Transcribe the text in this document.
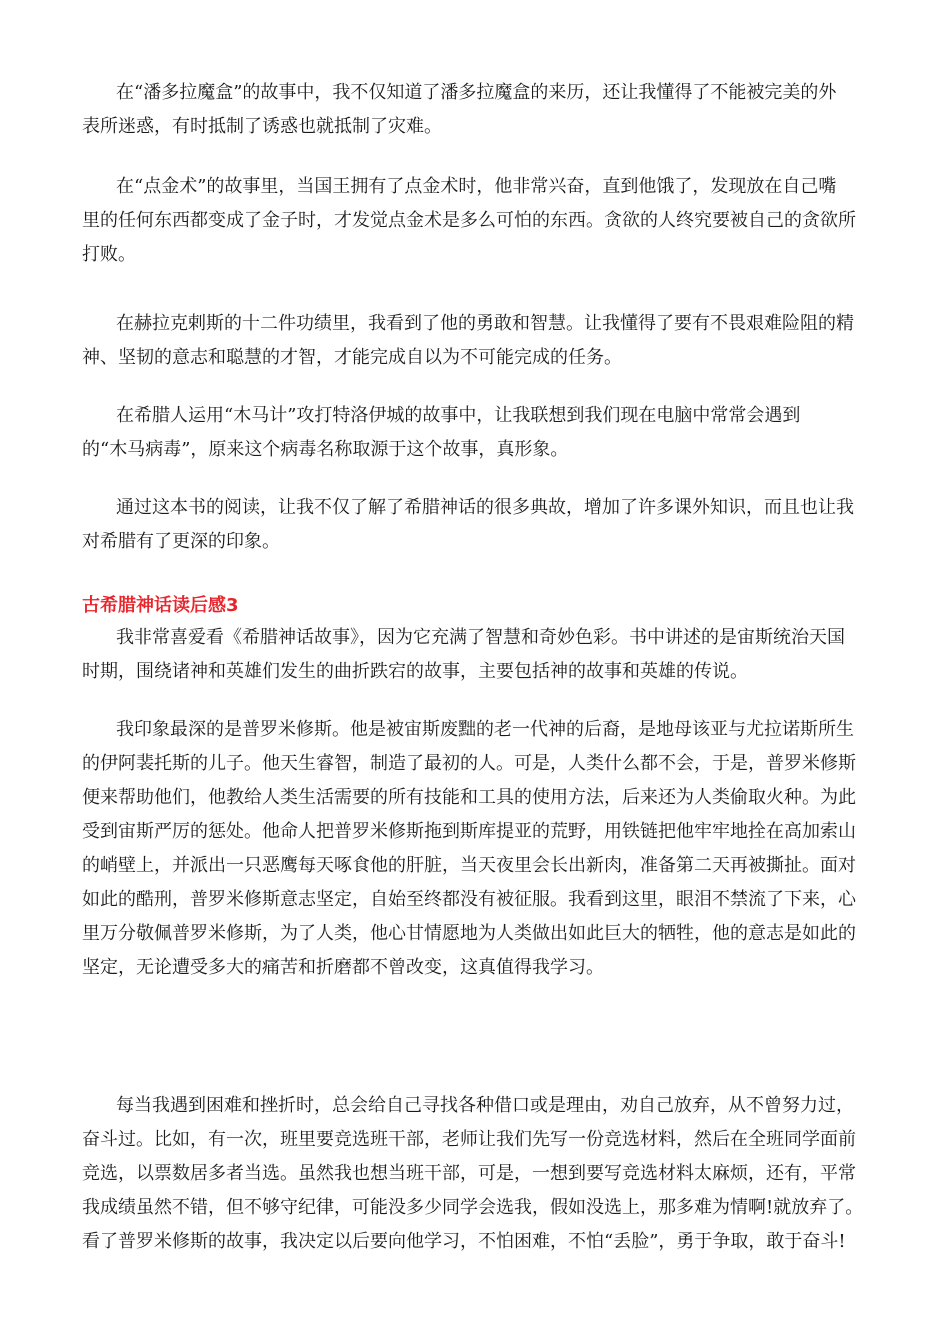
在“潘多拉魔盒”的故事中，我不仅知道了潘多拉魔盒的来历，还让我懂得了不能被完美的外
表所迷惑，有时抵制了诱惑也就抵制了灾难。
在“点金术”的故事里，当国王拥有了点金术时，他非常兴奋，直到他饿了，发现放在自己嘴
里的任何东西都变成了金子时，才发觉点金术是多么可怕的东西。贪欲的人终究要被自己的贪欲所
打败。
在赫拉克剌斯的十二件功绩里，我看到了他的勇敢和智慧。让我懂得了要有不畏艰难险阻的精
神、坚韧的意志和聪慧的才智，才能完成自以为不可能完成的任务。
在希腊人运用“木马计”攻打特洛伊城的故事中，让我联想到我们现在电脑中常常会遇到
的“木马病毒”，原来这个病毒名称取源于这个故事，真形象。
通过这本书的阅读，让我不仅了解了希腊神话的很多典故，增加了许多课外知识，而且也让我
对希腊有了更深的印象。
古希腊神话读后感3
我非常喜爱看《希腊神话故事》，因为它充满了智慧和奇妙色彩。书中讲述的是宙斯统治天国
时期，围绕诸神和英雄们发生的曲折跌宕的故事，主要包括神的故事和英雄的传说。
我印象最深的是普罗米修斯。他是被宙斯废黜的老一代神的后裔，是地母该亚与尤拉诺斯所生
的伊阿裴托斯的儿子。他天生睿智，制造了最初的人。可是，人类什么都不会，于是，普罗米修斯
便来帮助他们，他教给人类生活需要的所有技能和工具的使用方法，后来还为人类偷取火种。为此
受到宙斯严厉的惩处。他命人把普罗米修斯拖到斯库提亚的荒野，用铁链把他牢牢地拴在高加索山
的峭壁上，并派出一只恶鹰每天啄食他的肝脏，当天夜里会长出新肉，准备第二天再被撕扯。面对
如此的酷刑，普罗米修斯意志坚定，自始至终都没有被征服。我看到这里，眼泪不禁流了下来，心
里万分敬佩普罗米修斯，为了人类，他心甘情愿地为人类做出如此巨大的牺牲，他的意志是如此的
坚定，无论遭受多大的痛苦和折磨都不曾改变，这真值得我学习。
每当我遇到困难和挫折时，总会给自己寻找各种借口或是理由，劝自己放弃，从不曾努力过，
奋斗过。比如，有一次，班里要竞选班干部，老师让我们先写一份竞选材料，然后在全班同学面前
竞选，以票数居多者当选。虽然我也想当班干部，可是，一想到要写竞选材料太麻烦，还有，平常
我成绩虽然不错，但不够守纪律，可能没多少同学会选我，假如没选上，那多难为情啊!就放弃了。
看了普罗米修斯的故事，我决定以后要向他学习，不怕困难，不怕“丢脸”，勇于争取，敢于奋斗!
